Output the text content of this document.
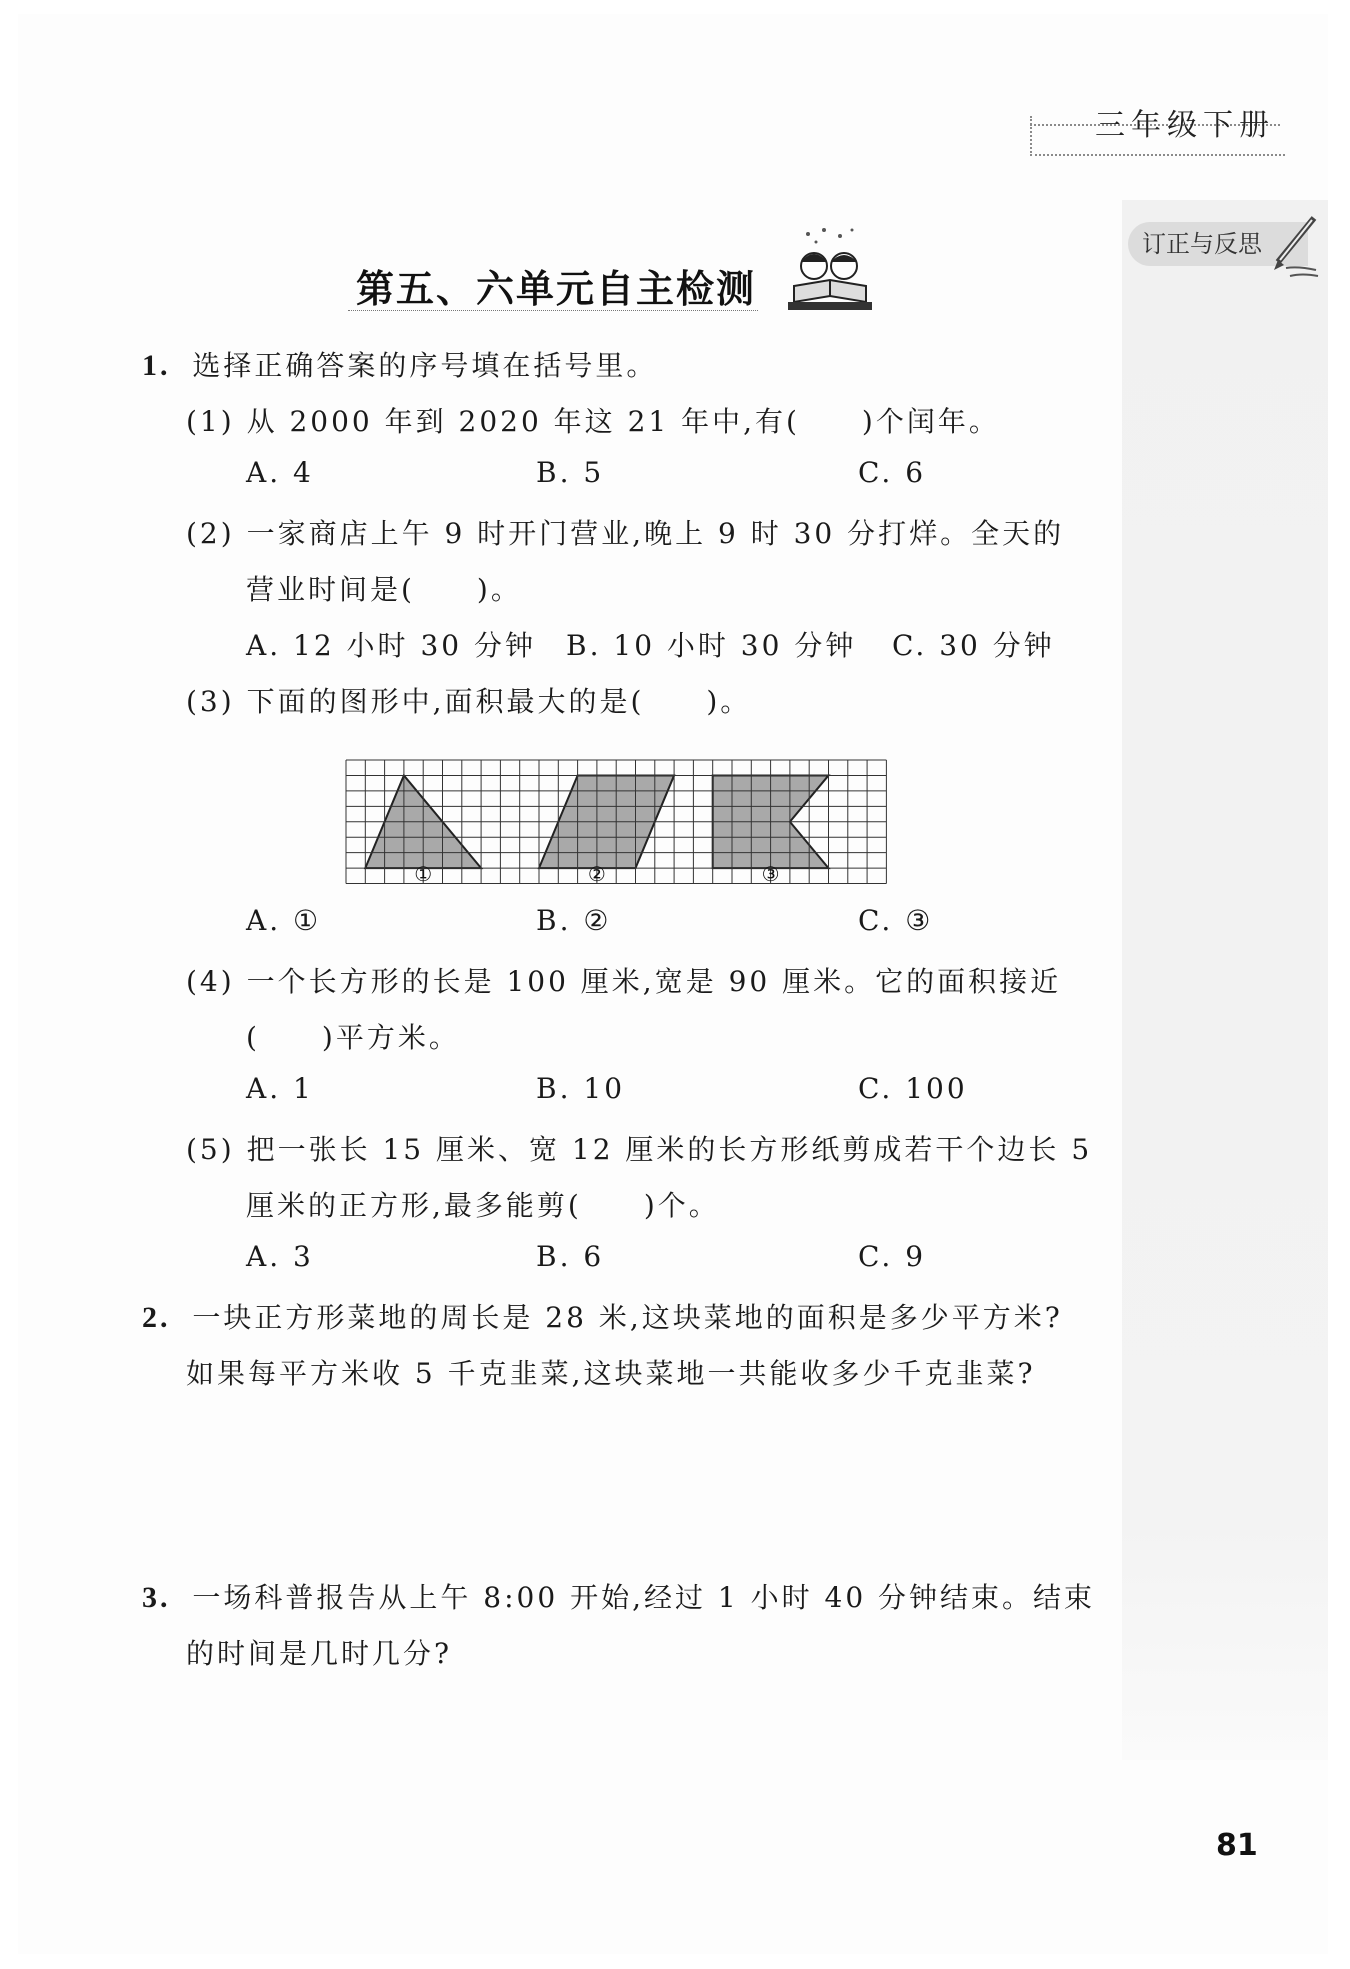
三年级下册
订正与反思
第五、六单元自主检测
1. 选择正确答案的序号填在括号里。
(1) 从 2000 年到 2020 年这 21 年中,有(　　)个闰年。
A. 4	B. 5	C. 6
(2) 一家商店上午 9 时开门营业,晚上 9 时 30 分打烊。全天的
营业时间是(　　)。
A. 12 小时 30 分钟 B. 10 小时 30 分钟 C. 30 分钟
(3) 下面的图形中,面积最大的是(　　)。
①	②	③
A. ①	B. ②	C. ③
(4) 一个长方形的长是 100 厘米,宽是 90 厘米。它的面积接近
(　　)平方米。
A. 1	B. 10	C. 100
(5) 把一张长 15 厘米、宽 12 厘米的长方形纸剪成若干个边长 5
厘米的正方形,最多能剪(　　)个。
A. 3	B. 6	C. 9
2. 一块正方形菜地的周长是 28 米,这块菜地的面积是多少平方米?
如果每平方米收 5 千克韭菜,这块菜地一共能收多少千克韭菜?
3. 一场科普报告从上午 8:00 开始,经过 1 小时 40 分钟结束。结束
的时间是几时几分?
81
